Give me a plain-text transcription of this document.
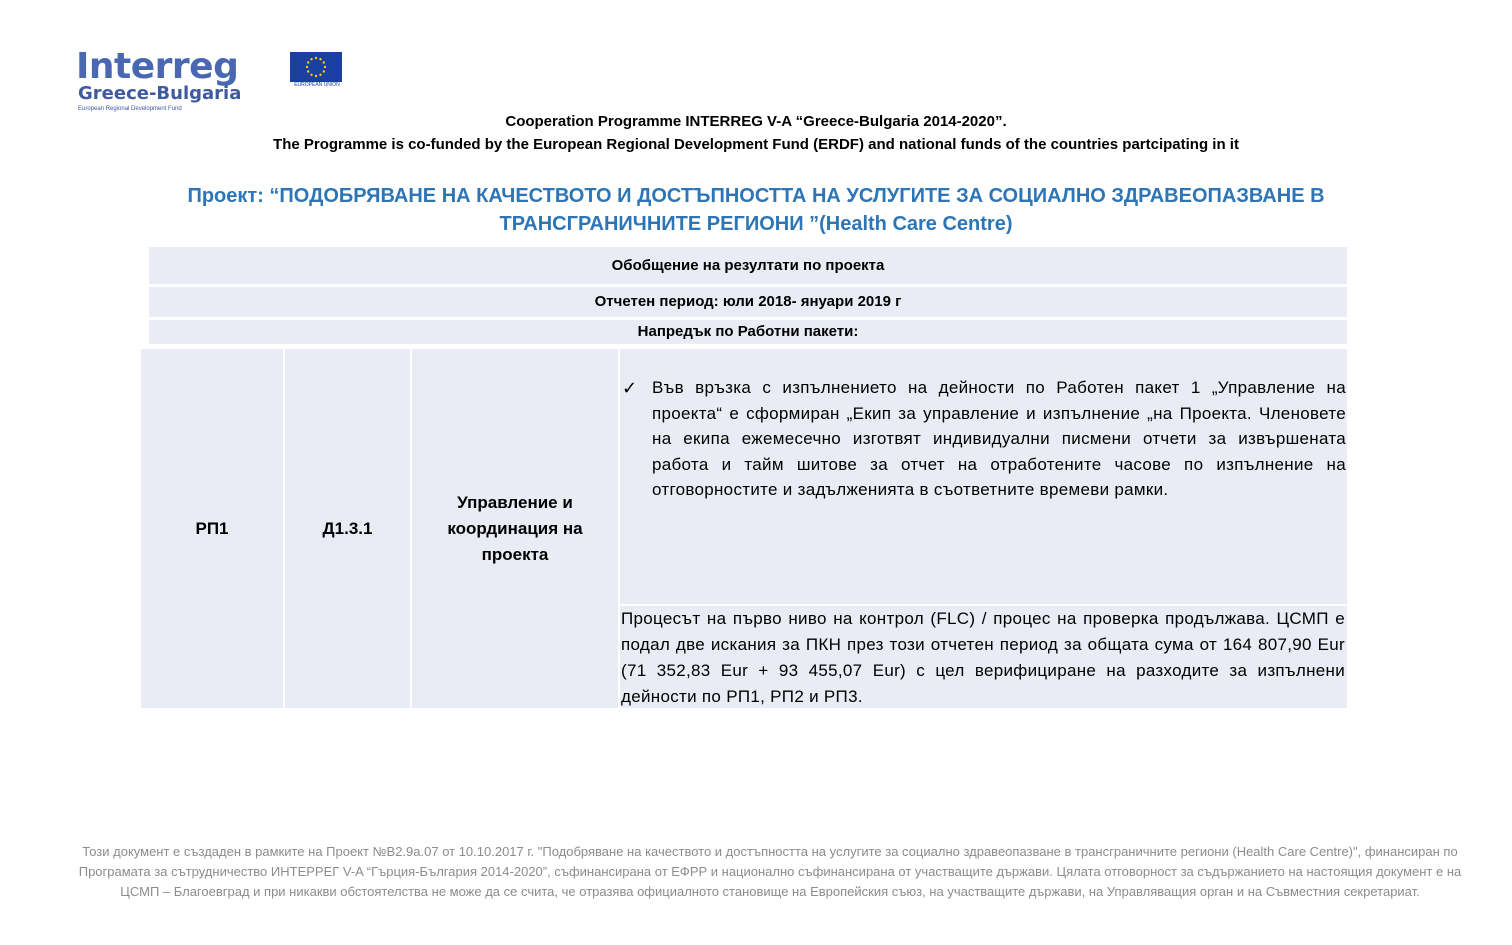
Interreg
Greece-Bulgaria
European Regional Development Fund
EUROPEAN UNION
Cooperation Programme INTERREG V-A “Greece-Bulgaria 2014-2020”.
The Programme is co-funded by the European Regional Development Fund (ERDF) and national funds of the countries partcipating in it
Проект: “ПОДОБРЯВАНЕ НА КАЧЕСТВОТО И ДОСТЪПНОСТТА НА УСЛУГИТЕ ЗА СОЦИАЛНО ЗДРАВЕОПАЗВАНЕ В ТРАНСГРАНИЧНИТЕ РЕГИОНИ ”(Health Care Centre)
Обобщение на резултати по проекта
Отчетен период: юли 2018- януари 2019 г
Напредък по Работни пакети:
РП1	Д1.3.1
Управление и координация на проекта
✓ Във връзка с изпълнението на дейности по Работен пакет 1 „Управление на проекта“ е сформиран „Екип за управление и изпълнение „на Проекта. Членовете на екипа ежемесечно изготвят индивидуални писмени отчети за извършената работа и тайм шитове за отчет на отработените часове по изпълнение на отговорностите и задълженията в съответните времеви рамки.
Процесът на първо ниво на контрол (FLC) / процес на проверка продължава. ЦСМП е подал две искания за ПКН през този отчетен период за общата сума от 164 807,90 Eur (71 352,83 Eur + 93 455,07 Eur) с цел верифициране на разходите за изпълнени дейности по РП1, РП2 и РП3.
Този документ е създаден в рамките на Проект №B2.9a.07 от 10.10.2017 г. "Подобряване на качеството и достъпността на услугите за социално здравеопазване в трансграничните региони (Health Care Centre)", финансиран по Програмата за сътрудничество ИНТЕРРЕГ V-A “Гърция-България 2014-2020”, съфинансирана от ЕФРР и национално съфинансирана от участващите държави. Цялата отговорност за съдържанието на настоящия документ е на ЦСМП – Благоевград и при никакви обстоятелства не може да се счита, че отразява официалното становище на Европейския съюз, на участващите държави, на Управляващия орган и на Съвместния секретариат.
